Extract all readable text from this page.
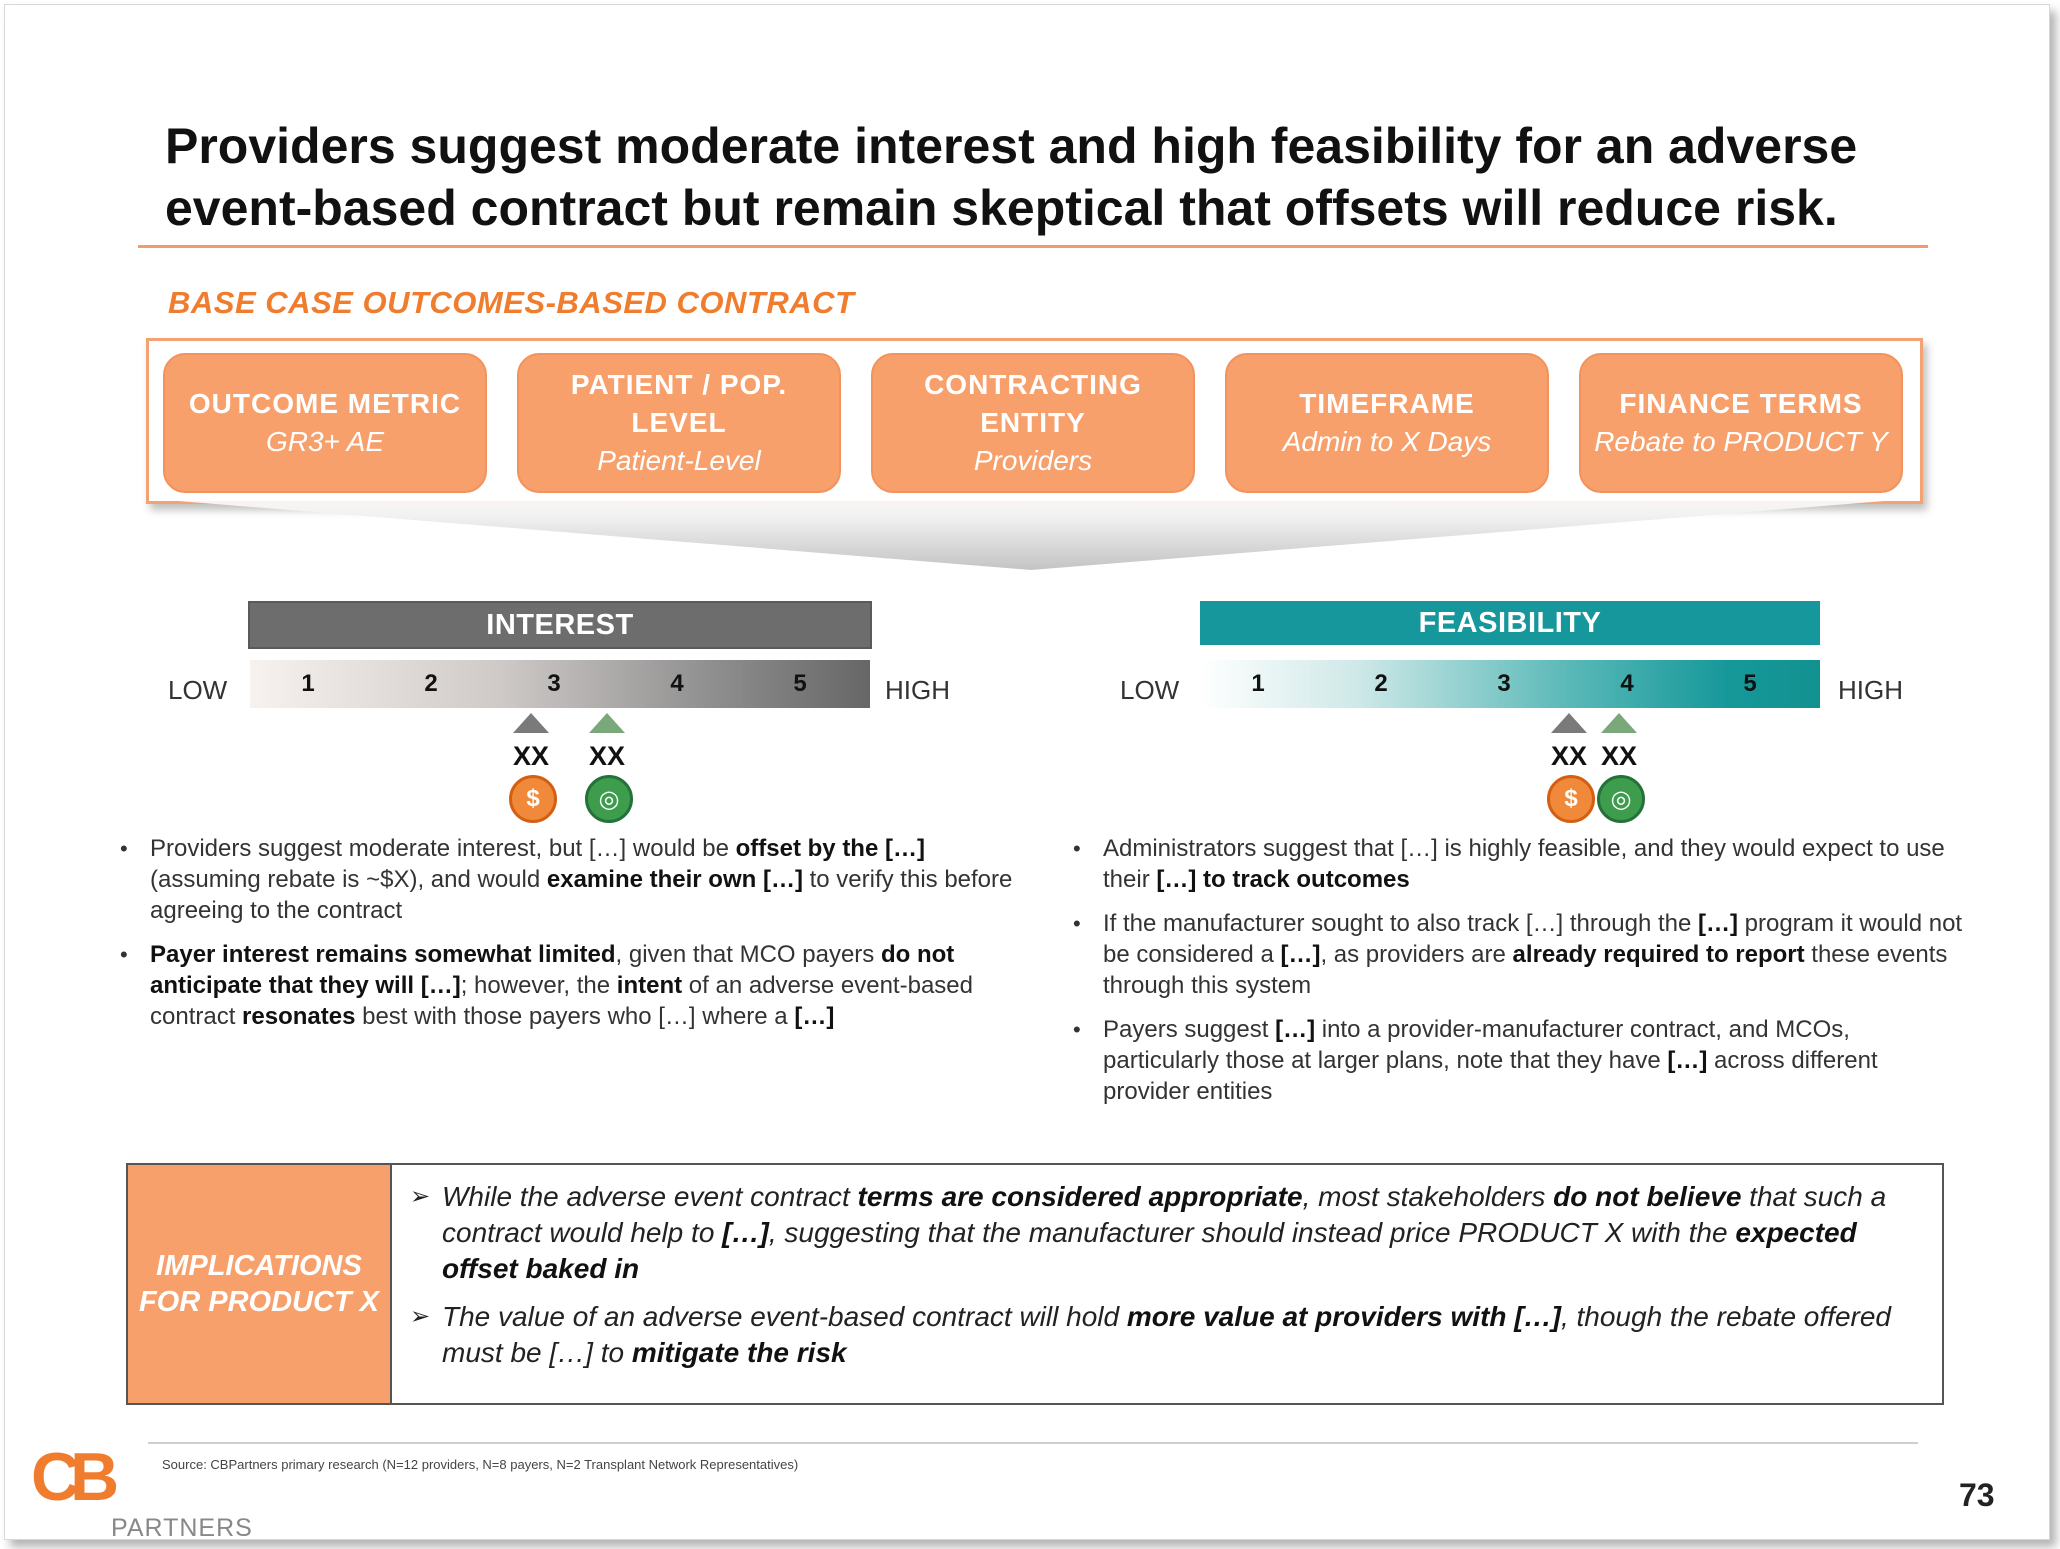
Providers suggest moderate interest and high feasibility for an adverse event-based contract but remain skeptical that offsets will reduce risk.
BASE CASE OUTCOMES-BASED CONTRACT
OUTCOME METRIC
GR3+ AE
PATIENT / POP. LEVEL
Patient-Level
CONTRACTING ENTITY
Providers
TIMEFRAME
Admin to X Days
FINANCE TERMS
Rebate to PRODUCT Y
INTEREST
LOW	1	2	3	4	5	HIGH
XX	XX
$	◎
• Providers suggest moderate interest, but […] would be offset by the […] (assuming rebate is ~$X), and would examine their own […] to verify this before agreeing to the contract
• Payer interest remains somewhat limited, given that MCO payers do not anticipate that they will […]; however, the intent of an adverse event-based contract resonates best with those payers who […] where a […]
FEASIBILITY
LOW	1	2	3	4	5	HIGH
XX XX
$	◎
• Administrators suggest that […] is highly feasible, and they would expect to use their […] to track outcomes
• If the manufacturer sought to also track […] through the […] program it would not be considered a […], as providers are already required to report these events through this system
• Payers suggest […] into a provider-manufacturer contract, and MCOs, particularly those at larger plans, note that they have […] across different provider entities
IMPLICATIONS FOR PRODUCT X
➢ While the adverse event contract terms are considered appropriate, most stakeholders do not believe that such a contract would help to […], suggesting that the manufacturer should instead price PRODUCT X with the expected offset baked in
➢ The value of an adverse event-based contract will hold more value at providers with […], though the rebate offered must be […] to mitigate the risk
Source: CBPartners primary research (N=12 providers, N=8 payers, N=2 Transplant Network Representatives)
73
CB
PARTNERS
